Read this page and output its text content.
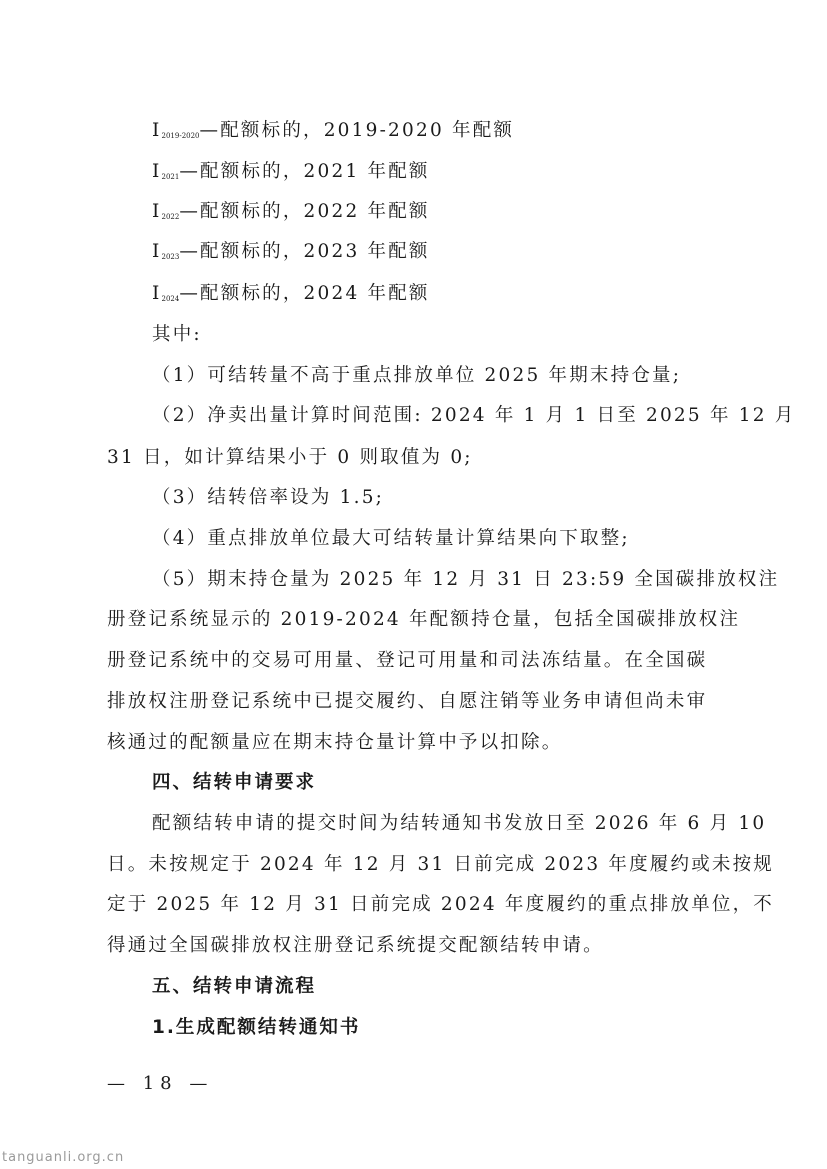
$I_{2019-2020}—$配额标的，2019-2020 年配额
$I_{2021}—$配额标的，2021 年配额
$I_{2022}—$配额标的，2022 年配额
$I_{2023}—$配额标的，2023 年配额
$I_{2024}—$配额标的，2024 年配额
其中:
（1）可结转量不高于重点排放单位 2025 年期末持仓量;
（2）净卖出量计算时间范围: 2024 年 1 月 1 日至 2025 年 12 月
31 日，如计算结果小于 0 则取值为 0;
（3）结转倍率设为 1.5;
（4）重点排放单位最大可结转量计算结果向下取整;
（5）期末持仓量为 2025 年 12 月 31 日 23:59 全国碳排放权注
册登记系统显示的 2019-2024 年配额持仓量，包括全国碳排放权注
册登记系统中的交易可用量、登记可用量和司法冻结量。在全国碳
排放权注册登记系统中已提交履约、自愿注销等业务申请但尚未审
核通过的配额量应在期末持仓量计算中予以扣除。
四、结转申请要求
配额结转申请的提交时间为结转通知书发放日至 2026 年 6 月 10
日。未按规定于 2024 年 12 月 31 日前完成 2023 年度履约或未按规
定于 2025 年 12 月 31 日前完成 2024 年度履约的重点排放单位，不
得通过全国碳排放权注册登记系统提交配额结转申请。
五、结转申请流程
1.生成配额结转通知书
— 18 —
tanguanli.org.cn
